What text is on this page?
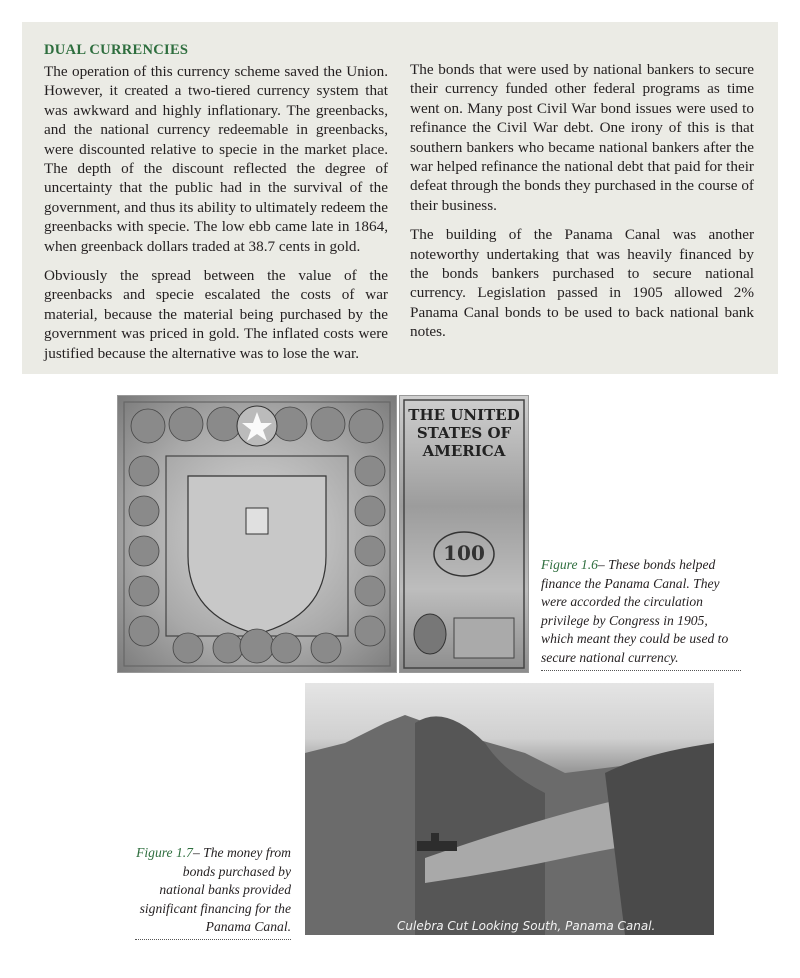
DUAL CURRENCIES

The operation of this currency scheme saved the Union. However, it created a two-tiered currency system that was awkward and highly inflationary. The greenbacks, and the national currency redeemable in greenbacks, were discounted relative to specie in the market place. The depth of the discount reflected the degree of uncertainty that the public had in the survival of the government, and thus its ability to ultimately redeem the greenbacks with specie. The low ebb came late in 1864, when greenback dollars traded at 38.7 cents in gold.

Obviously the spread between the value of the greenbacks and specie escalated the costs of war material, because the material being purchased by the government was priced in gold. The inflated costs were justified because the alternative was to lose the war.

The bonds that were used by national bankers to secure their currency funded other federal programs as time went on. Many post Civil War bond issues were used to refinance the Civil War debt. One irony of this is that southern bankers who became national bankers after the war helped refinance the national debt that paid for their defeat through the bonds they purchased in the course of their business.

The building of the Panama Canal was another noteworthy undertaking that was heavily financed by the bonds bankers purchased to secure national currency. Legislation passed in 1905 allowed 2% Panama Canal bonds to be used to back national bank notes.

THE UNITED STATES OF AMERICA
100	Figure 1.6– These bonds helped finance the Panama Canal. They were accorded the circulation privilege by Congress in 1905, which meant they could be used to secure national currency.
Culebra Cut Looking South, Panama Canal.
Figure 1.7– The money from bonds purchased by national banks provided significant financing for the Panama Canal.
